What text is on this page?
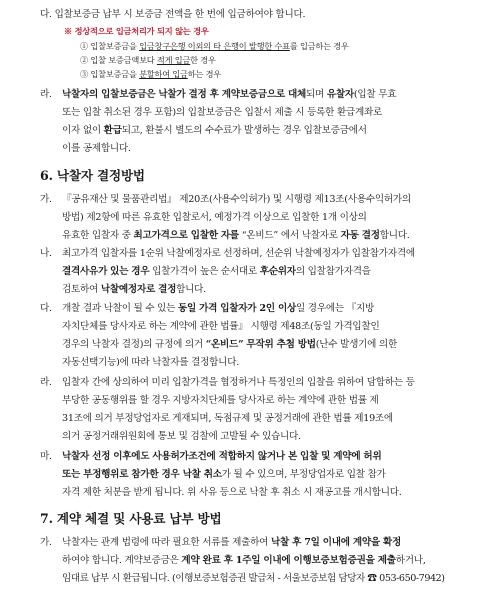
다. 입찰보증금 납부 시 보증금 전액을 한 번에 입금하여야 합니다.
※ 정상적으로 입금처리가 되지 않는 경우
① 입찰보증금을 입금창구은행 이외의 타 은행이 발행한 수표를 입금하는 경우
② 입찰 보증금액보다 적게 입금한 경우
③ 입찰보증금을 분할하여 입금하는 경우
라. 낙찰자의 입찰보증금은 낙찰가 결정 후 계약보증금으로 대체되며 유찰자(입찰 무효
또는 입찰 취소된 경우 포함)의 입찰보증금은 입찰서 제출 시 등록한 환급계좌로
이자 없이 환급되고, 환불시 별도의 수수료가 발생하는 경우 입찰보증금에서
이를 공제합니다.
6. 낙찰자 결정방법
가. 『공유재산 및 물품관리법』 제20조(사용수익허가) 및 시행령 제13조(사용수익허가의
방법) 제2항에 따른 유효한 입찰로서, 예정가격 이상으로 입찰한 1개 이상의
유효한 입찰자 중 최고가격으로 입찰한 자를 “온비드” 에서 낙찰자로 자동 결정합니다.
나. 최고가격 입찰자를 1순위 낙찰예정자로 선정하며, 선순위 낙찰예정자가 입찰참가자격에
결격사유가 있는 경우 입찰가격이 높은 순서대로 후순위자의 입찰참가자격을
검토하여 낙찰예정자로 결정합니다.
다. 개찰 결과 낙찰이 될 수 있는 동일 가격 입찰자가 2인 이상일 경우에는 『지방
자치단체를 당사자로 하는 계약에 관한 법률』 시행령 제48조(동일 가격입찰인
경우의 낙찰자 결정)의 규정에 의거 “온비드” 무작위 추첨 방법(난수 발생기에 의한
자동선택기능)에 따라 낙찰자를 결정합니다.
라. 입찰자 간에 상의하여 미리 입찰가격을 협정하거나 특정인의 입찰을 위하여 담합하는 등
부당한 공동행위를 할 경우 지방자치단체를 당사자로 하는 계약에 관한 법률 제
31조에 의거 부정당업자로 게재되며, 독점규제 및 공정거래에 관한 법률 제19조에
의거 공정거래위원회에 통보 및 검찰에 고발될 수 있습니다.
마. 낙찰자 선정 이후에도 사용허가조건에 적합하지 않거나 본 입찰 및 계약에 허위
또는 부정행위로 참가한 경우 낙찰 취소가 될 수 있으며, 부정당업자로 입찰 참가
자격 제한 처분을 받게 됩니다. 위 사유 등으로 낙찰 후 취소 시 재공고를 개시합니다.
7. 계약 체결 및 사용료 납부 방법
가. 낙찰자는 관계 법령에 따라 필요한 서류를 제출하여 낙찰 후 7일 이내에 계약을 확정
하여야 합니다. 계약보증금은 계약 완료 후 1주일 이내에 이행보증보험증권을 제출하거나,
임대료 납부 시 환급됩니다. (이행보증보험증권 발급처 - 서울보증보험 담당자 ☎ 053-650-7942)
